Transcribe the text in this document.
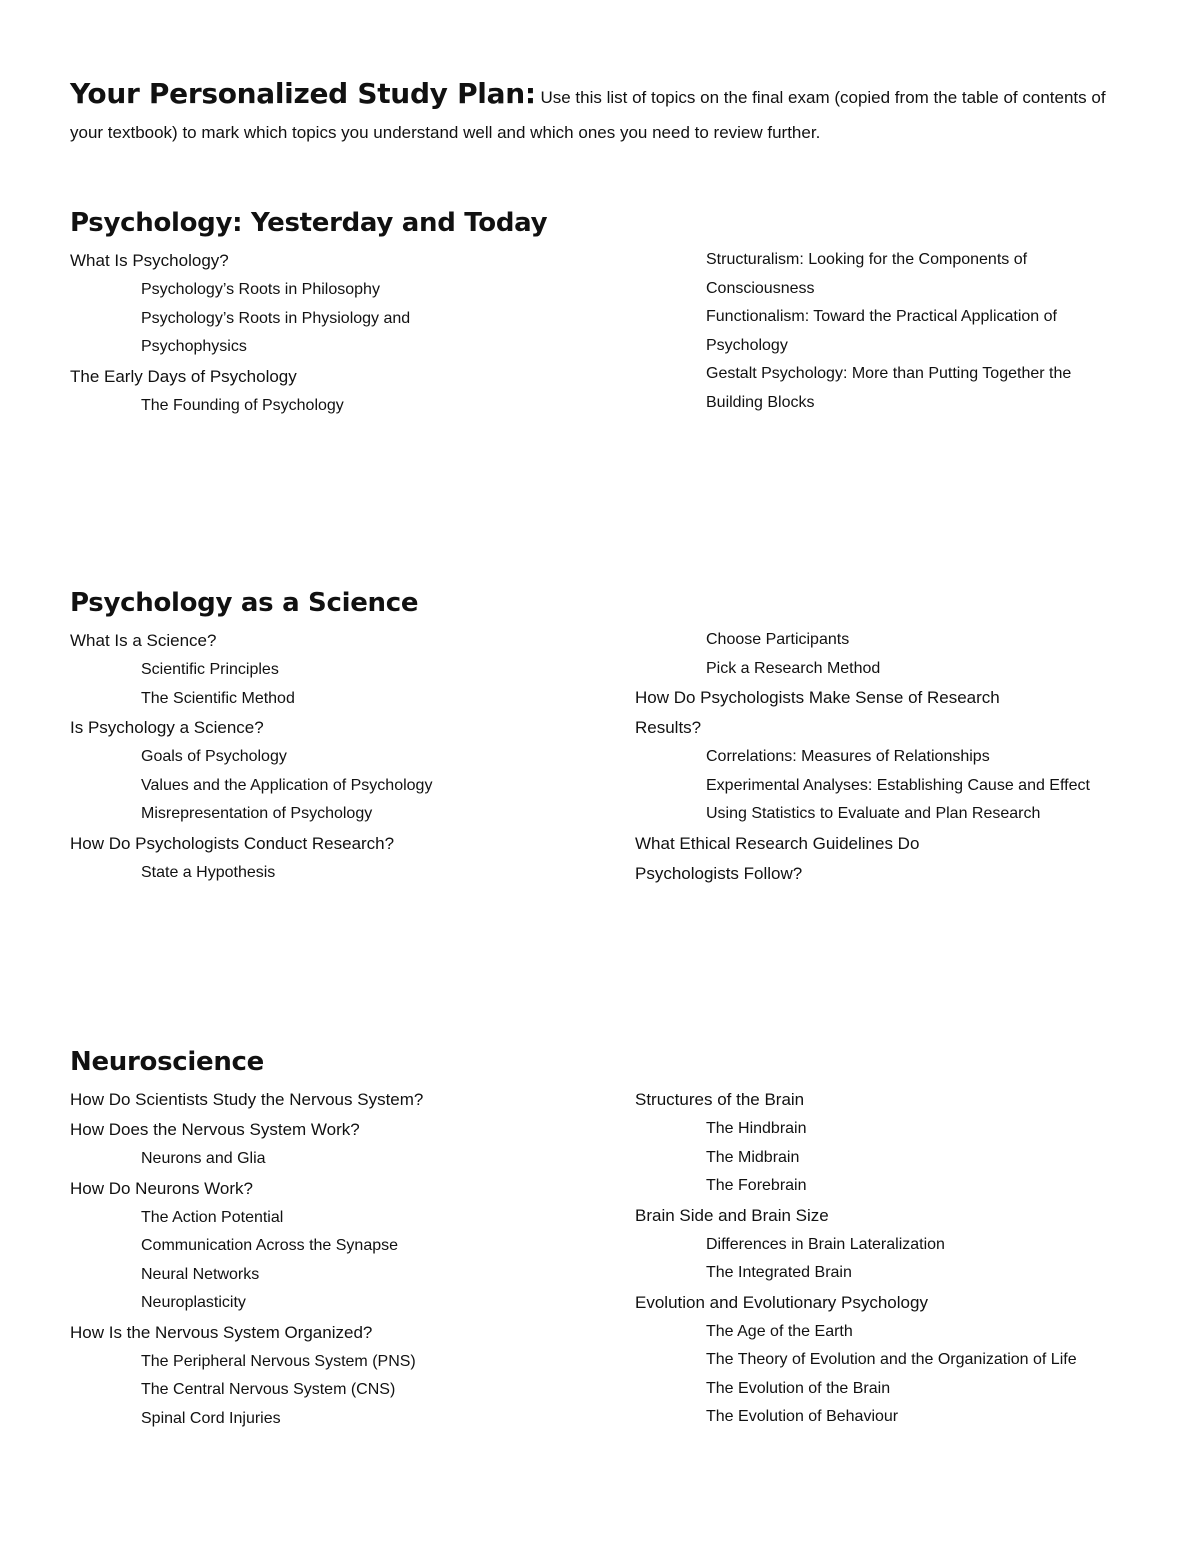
Your Personalized Study Plan: Use this list of topics on the final exam (copied from the table of contents of your textbook) to mark which topics you understand well and which ones you need to review further.
Psychology: Yesterday and Today
What Is Psychology?
Psychology’s Roots in Philosophy
Psychology’s Roots in Physiology and Psychophysics
The Early Days of Psychology
The Founding of Psychology
Structuralism: Looking for the Components of Consciousness
Functionalism: Toward the Practical Application of Psychology
Gestalt Psychology: More than Putting Together the Building Blocks
Psychology as a Science
What Is a Science?
Scientific Principles
The Scientific Method
Is Psychology a Science?
Goals of Psychology
Values and the Application of Psychology
Misrepresentation of Psychology
How Do Psychologists Conduct Research?
State a Hypothesis
Choose Participants
Pick a Research Method
How Do Psychologists Make Sense of Research Results?
Correlations: Measures of Relationships
Experimental Analyses: Establishing Cause and Effect
Using Statistics to Evaluate and Plan Research
What Ethical Research Guidelines Do Psychologists Follow?
Neuroscience
How Do Scientists Study the Nervous System?
How Does the Nervous System Work?
Neurons and Glia
How Do Neurons Work?
The Action Potential
Communication Across the Synapse
Neural Networks
Neuroplasticity
How Is the Nervous System Organized?
The Peripheral Nervous System (PNS)
The Central Nervous System (CNS)
Spinal Cord Injuries
Structures of the Brain
The Hindbrain
The Midbrain
The Forebrain
Brain Side and Brain Size
Differences in Brain Lateralization
The Integrated Brain
Evolution and Evolutionary Psychology
The Age of the Earth
The Theory of Evolution and the Organization of Life
The Evolution of the Brain
The Evolution of Behaviour
